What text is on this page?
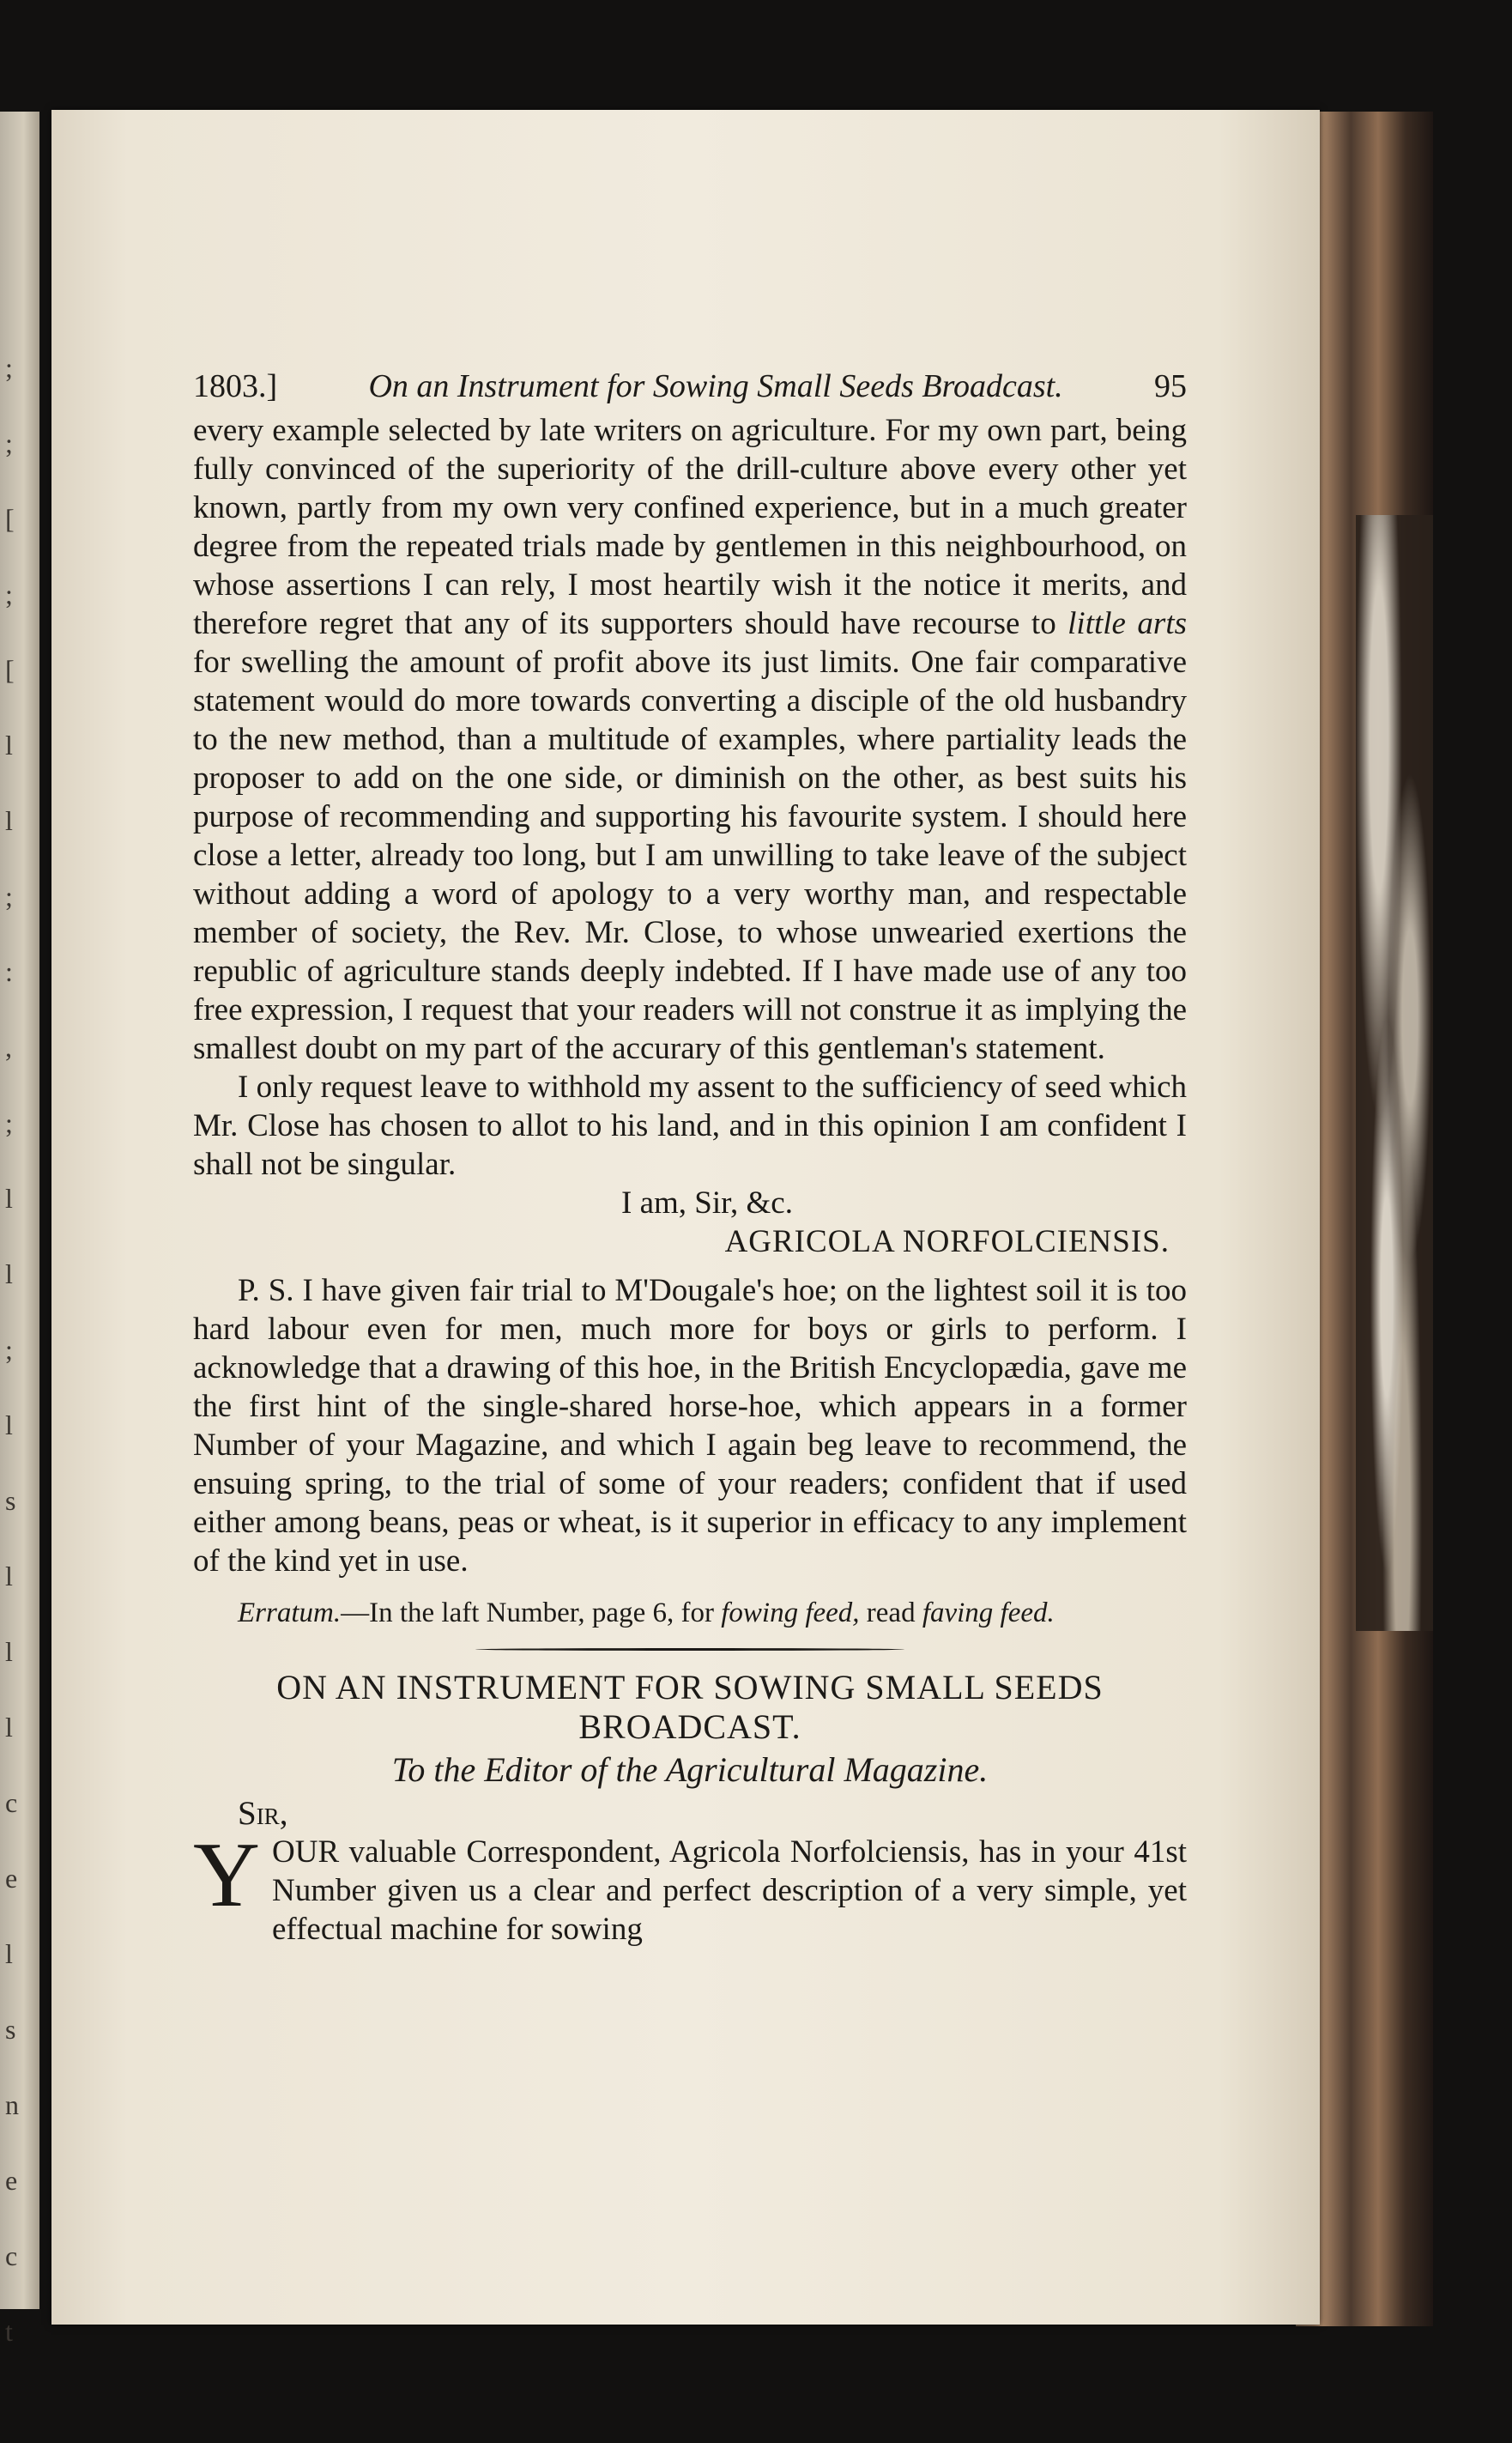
;
;
[
;
[
l
l
;
:
,
;
l
l
;
l
s
l
l
l
c
e
l
s
n
e
c
t
1803.]	On an Instrument for Sowing Small Seeds Broadcast.	95

every example selected by late writers on agriculture. For my own part, being fully convinced of the superiority of the drill-culture above every other yet known, partly from my own very confined experience, but in a much greater degree from the repeated trials made by gentlemen in this neighbourhood, on whose assertions I can rely, I most heartily wish it the notice it merits, and therefore regret that any of its supporters should have recourse to little arts for swelling the amount of profit above its just limits. One fair comparative statement would do more towards converting a disciple of the old husbandry to the new method, than a multitude of examples, where partiality leads the proposer to add on the one side, or diminish on the other, as best suits his purpose of recommending and supporting his favourite system. I should here close a letter, already too long, but I am unwilling to take leave of the subject without adding a word of apology to a very worthy man, and respectable member of society, the Rev. Mr. Close, to whose unwearied exertions the republic of agriculture stands deeply indebted. If I have made use of any too free expression, I request that your readers will not construe it as implying the smallest doubt on my part of the accurary of this gentleman's statement.

I only request leave to withhold my assent to the sufficiency of seed which Mr. Close has chosen to allot to his land, and in this opinion I am confident I shall not be singular.

I am, Sir, &c.

AGRICOLA NORFOLCIENSIS.

P. S. I have given fair trial to M'Dougale's hoe; on the lightest soil it is too hard labour even for men, much more for boys or girls to perform. I acknowledge that a drawing of this hoe, in the British Encyclopædia, gave me the first hint of the single-shared horse-hoe, which appears in a former Number of your Magazine, and which I again beg leave to recommend, the ensuing spring, to the trial of some of your readers; confident that if used either among beans, peas or wheat, is it superior in efficacy to any implement of the kind yet in use.

Erratum.—In the laft Number, page 6, for fowing feed, read faving feed.

ON AN INSTRUMENT FOR SOWING SMALL SEEDS

BROADCAST.

To the Editor of the Agricultural Magazine.

Sir,

YOUR valuable Correspondent, Agricola Norfolciensis, has in your 41st Number given us a clear and perfect description of a very simple, yet effectual machine for sowing
